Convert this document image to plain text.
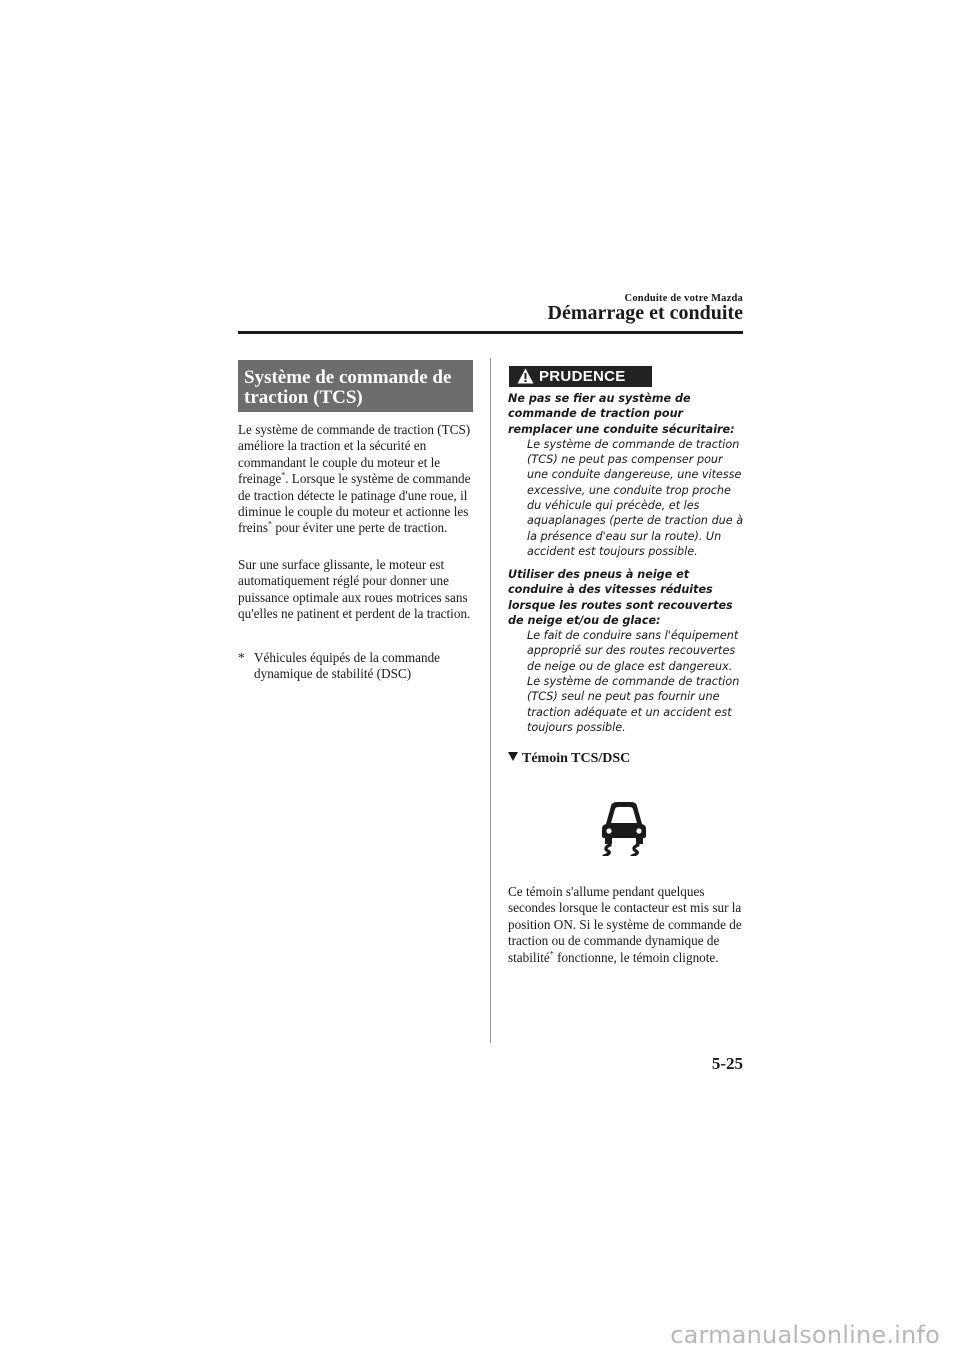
Conduite de votre Mazda
Démarrage et conduite
Système de commande de traction (TCS)

Le système de commande de traction (TCS) améliore la traction et la sécurité en commandant le couple du moteur et le freinage*. Lorsque le système de commande de traction détecte le patinage d'une roue, il diminue le couple du moteur et actionne les freins* pour éviter une perte de traction.

Sur une surface glissante, le moteur est automatiquement réglé pour donner une puissance optimale aux roues motrices sans qu'elles ne patinent et perdent de la traction.

* Véhicules équipés de la commande
dynamique de stabilité (DSC)
PRUDENCE
Ne pas se fier au système de commande de traction pour remplacer une conduite sécuritaire:
Le système de commande de traction (TCS) ne peut pas compenser pour une conduite dangereuse, une vitesse excessive, une conduite trop proche du véhicule qui précède, et les aquaplanages (perte de traction due à la présence d'eau sur la route). Un accident est toujours possible.
Utiliser des pneus à neige et conduire à des vitesses réduites lorsque les routes sont recouvertes de neige et/ou de glace:
Le fait de conduire sans l'équipement approprié sur des routes recouvertes de neige ou de glace est dangereux. Le système de commande de traction (TCS) seul ne peut pas fournir une traction adéquate et un accident est toujours possible.
Témoin TCS/DSC

Ce témoin s'allume pendant quelques secondes lorsque le contacteur est mis sur la position ON. Si le système de commande de traction ou de commande dynamique de stabilité* fonctionne, le témoin clignote.

5-25
carmanualsonline.info
